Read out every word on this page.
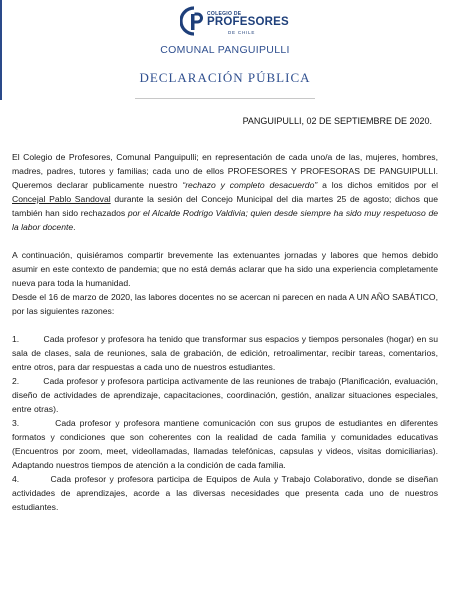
COLEGIO DE
PROFESORES
DE CHILE
COMUNAL PANGUIPULLI
DECLARACIÓN PÚBLICA
PANGUIPULLI, 02 DE SEPTIEMBRE DE 2020.

El Colegio de Profesores, Comunal Panguipulli; en representación de cada uno/a de las, mujeres, hombres, madres, padres, tutores y familias; cada uno de ellos PROFESORES Y PROFESORAS DE PANGUIPULLI. Queremos declarar publicamente nuestro “rechazo y completo desacuerdo” a los dichos emitidos por el Concejal Pablo Sandoval durante la sesión del Concejo Municipal del dia martes 25 de agosto; dichos que también han sido rechazados por el Alcalde Rodrigo Valdivia; quien desde siempre ha sido muy respetuoso de la labor docente.

A continuación, quisiéramos compartir brevemente las extenuantes jornadas y labores que hemos debido asumir en este contexto de pandemia; que no está demás aclarar que ha sido una experiencia completamente nueva para toda la humanidad.

Desde el 16 de marzo de 2020, las labores docentes no se acercan ni parecen en nada A UN AÑO SABÁTICO, por las siguientes razones:

1.	Cada profesor y profesora ha tenido que transformar sus espacios y tiempos personales (hogar) en su sala de clases, sala de reuniones, sala de grabación, de edición, retroalimentar, recibir tareas, comentarios, entre otros, para dar respuestas a cada uno de nuestros estudiantes.

2.	Cada profesor y profesora participa activamente de las reuniones de trabajo (Planificación, evaluación, diseño de actividades de aprendizaje, capacitaciones, coordinación, gestión, analizar situaciones especiales, entre otras).

3.	Cada profesor y profesora mantiene comunicación con sus grupos de estudiantes en diferentes formatos y condiciones que son coherentes con la realidad de cada familia y comunidades educativas (Encuentros por zoom, meet, videollamadas, llamadas telefónicas, capsulas y videos, visitas domiciliarias). Adaptando nuestros tiempos de atención a la condición de cada familia.

4.	Cada profesor y profesora participa de Equipos de Aula y Trabajo Colaborativo, donde se diseñan actividades de aprendizajes, acorde a las diversas necesidades que presenta cada uno de nuestros estudiantes.
